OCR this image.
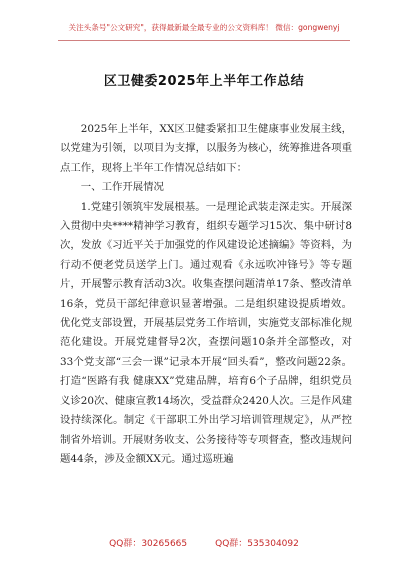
关注头条号"公文研究"，获得最新最全最专业的公文资料库！ 微信：gongwenyj
区卫健委2025年上半年工作总结

2025年上半年，XX区卫健委紧扣卫生健康事业发展主线，以党建为引领，以项目为支撑，以服务为核心，统筹推进各项重点工作，现将上半年工作情况总结如下：

一、工作开展情况

1.党建引领筑牢发展根基。一是理论武装走深走实。开展深入贯彻中央****精神学习教育，组织专题学习15次、集中研讨8次，发放《习近平关于加强党的作风建设论述摘编》等资料，为行动不便老党员送学上门。通过观看《永远吹冲锋号》等专题片，开展警示教育活动3次。收集查摆问题清单17条、整改清单16条，党员干部纪律意识显著增强。二是组织建设提质增效。优化党支部设置，开展基层党务工作培训，实施党支部标准化规范化建设。开展党建督导2次，查摆问题10条并全部整改，对33个党支部“三会一课”记录本开展“回头看”，整改问题22条。打造“医路有我 健康XX”党建品牌，培育6个子品牌，组织党员义诊20次、健康宣教14场次，受益群众2420人次。三是作风建设持续深化。制定《干部职工外出学习培训管理规定》，从严控制省外培训。开展财务收支、公务接待等专项督查，整改违规问题44条，涉及金额XX元。通过巡班遍

QQ群：30265665	QQ群：535304092
